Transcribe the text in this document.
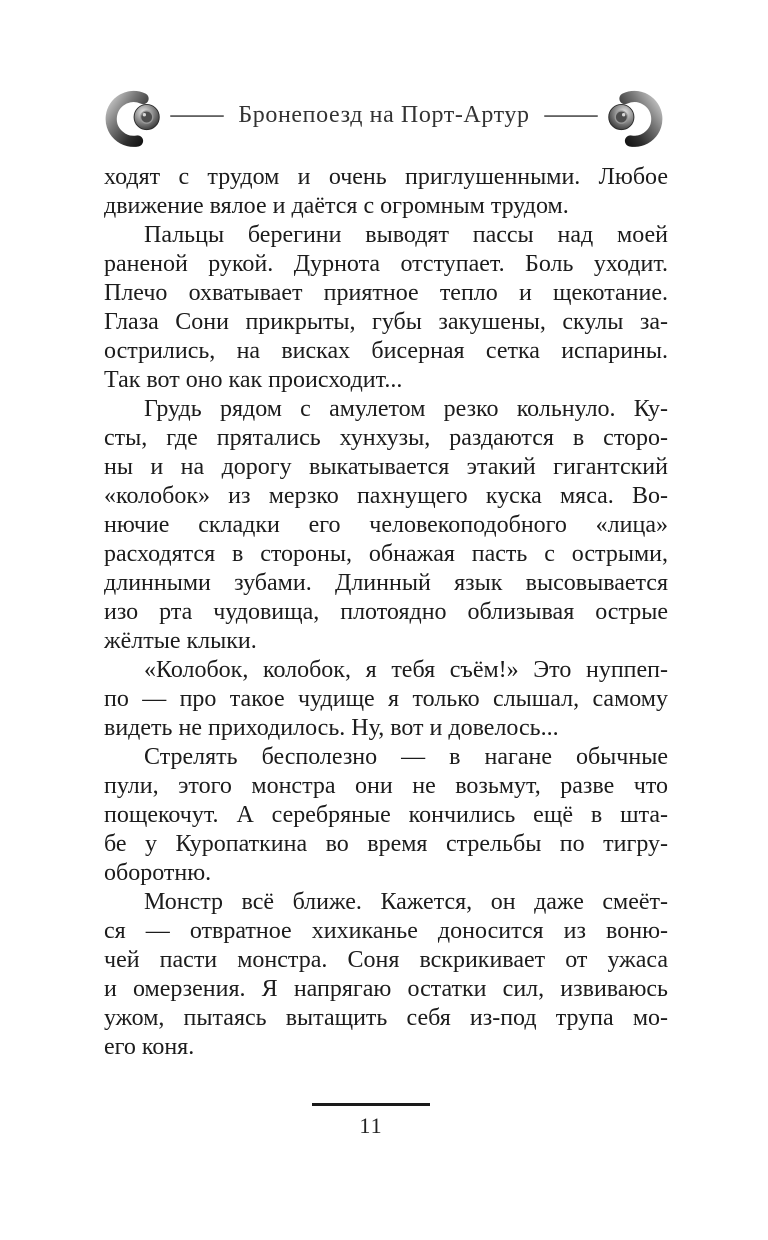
Бронепоезд на Порт-Артур
ходят с трудом и очень приглушенными. Любое
движение вялое и даётся с огромным трудом.
Пальцы берегини выводят пассы над моей
раненой рукой. Дурнота отступает. Боль уходит.
Плечо охватывает приятное тепло и щекотание.
Глаза Сони прикрыты, губы закушены, скулы за-
острились, на висках бисерная сетка испарины.
Так вот оно как происходит...
Грудь рядом с амулетом резко кольнуло. Ку-
сты, где прятались хунхузы, раздаются в сторо-
ны и на дорогу выкатывается этакий гигантский
«колобок» из мерзко пахнущего куска мяса. Во-
нючие складки его человекоподобного «лица»
расходятся в стороны, обнажая пасть с острыми,
длинными зубами. Длинный язык высовывается
изо рта чудовища, плотоядно облизывая острые
жёлтые клыки.
«Колобок, колобок, я тебя съём!» Это нуппеп-
по — про такое чудище я только слышал, самому
видеть не приходилось. Ну, вот и довелось...
Стрелять бесполезно — в нагане обычные
пули, этого монстра они не возьмут, разве что
пощекочут. А серебряные кончились ещё в шта-
бе у Куропаткина во время стрельбы по тигру-
оборотню.
Монстр всё ближе. Кажется, он даже смеёт-
ся — отвратное хихиканье доносится из воню-
чей пасти монстра. Соня вскрикивает от ужаса
и омерзения. Я напрягаю остатки сил, извиваюсь
ужом, пытаясь вытащить себя из-под трупа мо-
его коня.
11
